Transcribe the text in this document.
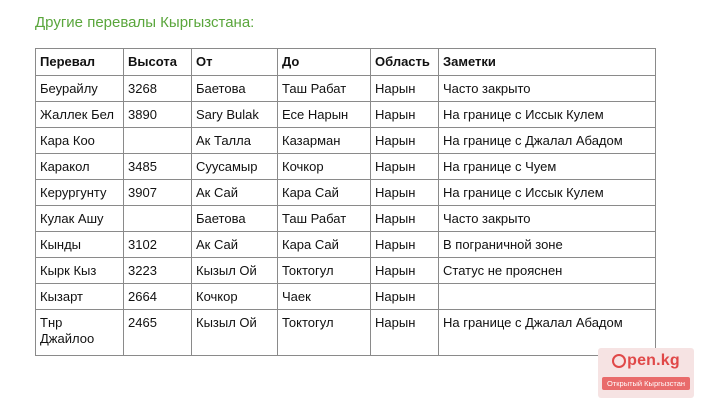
Другие перевалы Кыргызстана:
Перевал	Высота	От	До	Область	Заметки
Беурайлу	3268	Баетова	Таш Рабат	Нарын	Часто закрыто
Жаллек Бел	3890	Sary Bulak	Есе Нарын	Нарын	На границе с Иссык Кулем
Кара Коо		Ак Талла	Казарман	Нарын	На границе с Джалал Абадом
Каракол	3485	Суусамыр	Кочкор	Нарын	На границе с Чуем
Керургунту	3907	Ак Сай	Кара Сай	Нарын	На границе с Иссык Кулем
Кулак Ашу		Баетова	Таш Рабат	Нарын	Часто закрыто
Кынды	3102	Ак Сай	Кара Сай	Нарын	В пограничной зоне
Кырк Кыз	3223	Кызыл Ой	Токтогул	Нарын	Статус не прояснен
Кызарт	2664	Кочкор	Чаек	Нарын	
Тнр Джайлоо	2465	Кызыл Ой	Токтогул	Нарын	На границе с Джалал Абадом
pen.kg
Открытый Кыргызстан
